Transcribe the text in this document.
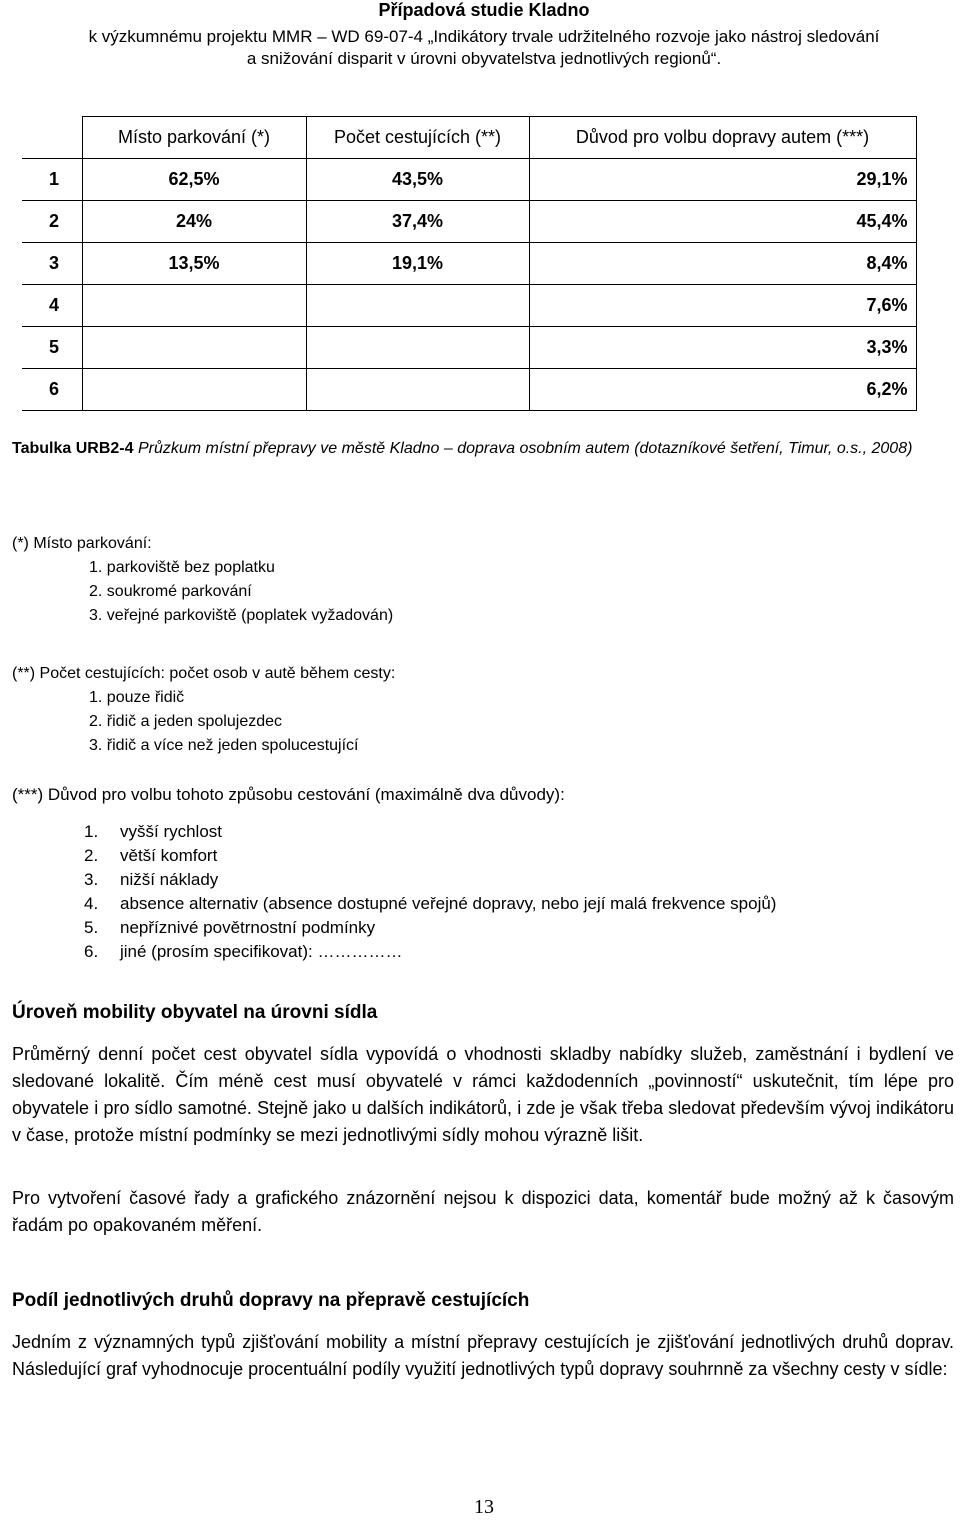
Případová studie Kladno
k výzkumnému projektu MMR – WD 69-07-4 „Indikátory trvale udržitelného rozvoje jako nástroj sledování
a snižování disparit v úrovni obyvatelstva jednotlivých regionů“.
	Místo parkování (*)	Počet cestujících (**)	Důvod pro volbu dopravy autem (***)
1	62,5%	43,5%	29,1%
2	24%	37,4%	45,4%
3	13,5%	19,1%	8,4%
4			7,6%
5			3,3%
6			6,2%
Tabulka URB2-4 Průzkum místní přepravy ve městě Kladno – doprava osobním autem (dotazníkové šetření, Timur, o.s., 2008)
(*) Místo parkování:
1. parkoviště bez poplatku
2. soukromé parkování
3. veřejné parkoviště (poplatek vyžadován)
(**) Počet cestujících: počet osob v autě během cesty:
1. pouze řidič
2. řidič a jeden spolujezdec
3. řidič a více než jeden spolucestující
(***) Důvod pro volbu tohoto způsobu cestování (maximálně dva důvody):
1. vyšší rychlost
2. větší komfort
3. nižší náklady
4. absence alternativ (absence dostupné veřejné dopravy, nebo její malá frekvence spojů)
5. nepříznivé povětrnostní podmínky
6. jiné (prosím specifikovat): ……………
Úroveň mobility obyvatel na úrovni sídla
Průměrný denní počet cest obyvatel sídla vypovídá o vhodnosti skladby nabídky služeb, zaměstnání i bydlení ve sledované lokalitě. Čím méně cest musí obyvatelé v rámci každodenních „povinností“ uskutečnit, tím lépe pro obyvatele i pro sídlo samotné. Stejně jako u dalších indikátorů, i zde je však třeba sledovat především vývoj indikátoru v čase, protože místní podmínky se mezi jednotlivými sídly mohou výrazně lišit.
Pro vytvoření časové řady a grafického znázornění nejsou k dispozici data, komentář bude možný až k časovým řadám po opakovaném měření.
Podíl jednotlivých druhů dopravy na přepravě cestujících
Jedním z významných typů zjišťování mobility a místní přepravy cestujících je zjišťování jednotlivých druhů doprav. Následující graf vyhodnocuje procentuální podíly využití jednotlivých typů dopravy souhrnně za všechny cesty v sídle:
13
